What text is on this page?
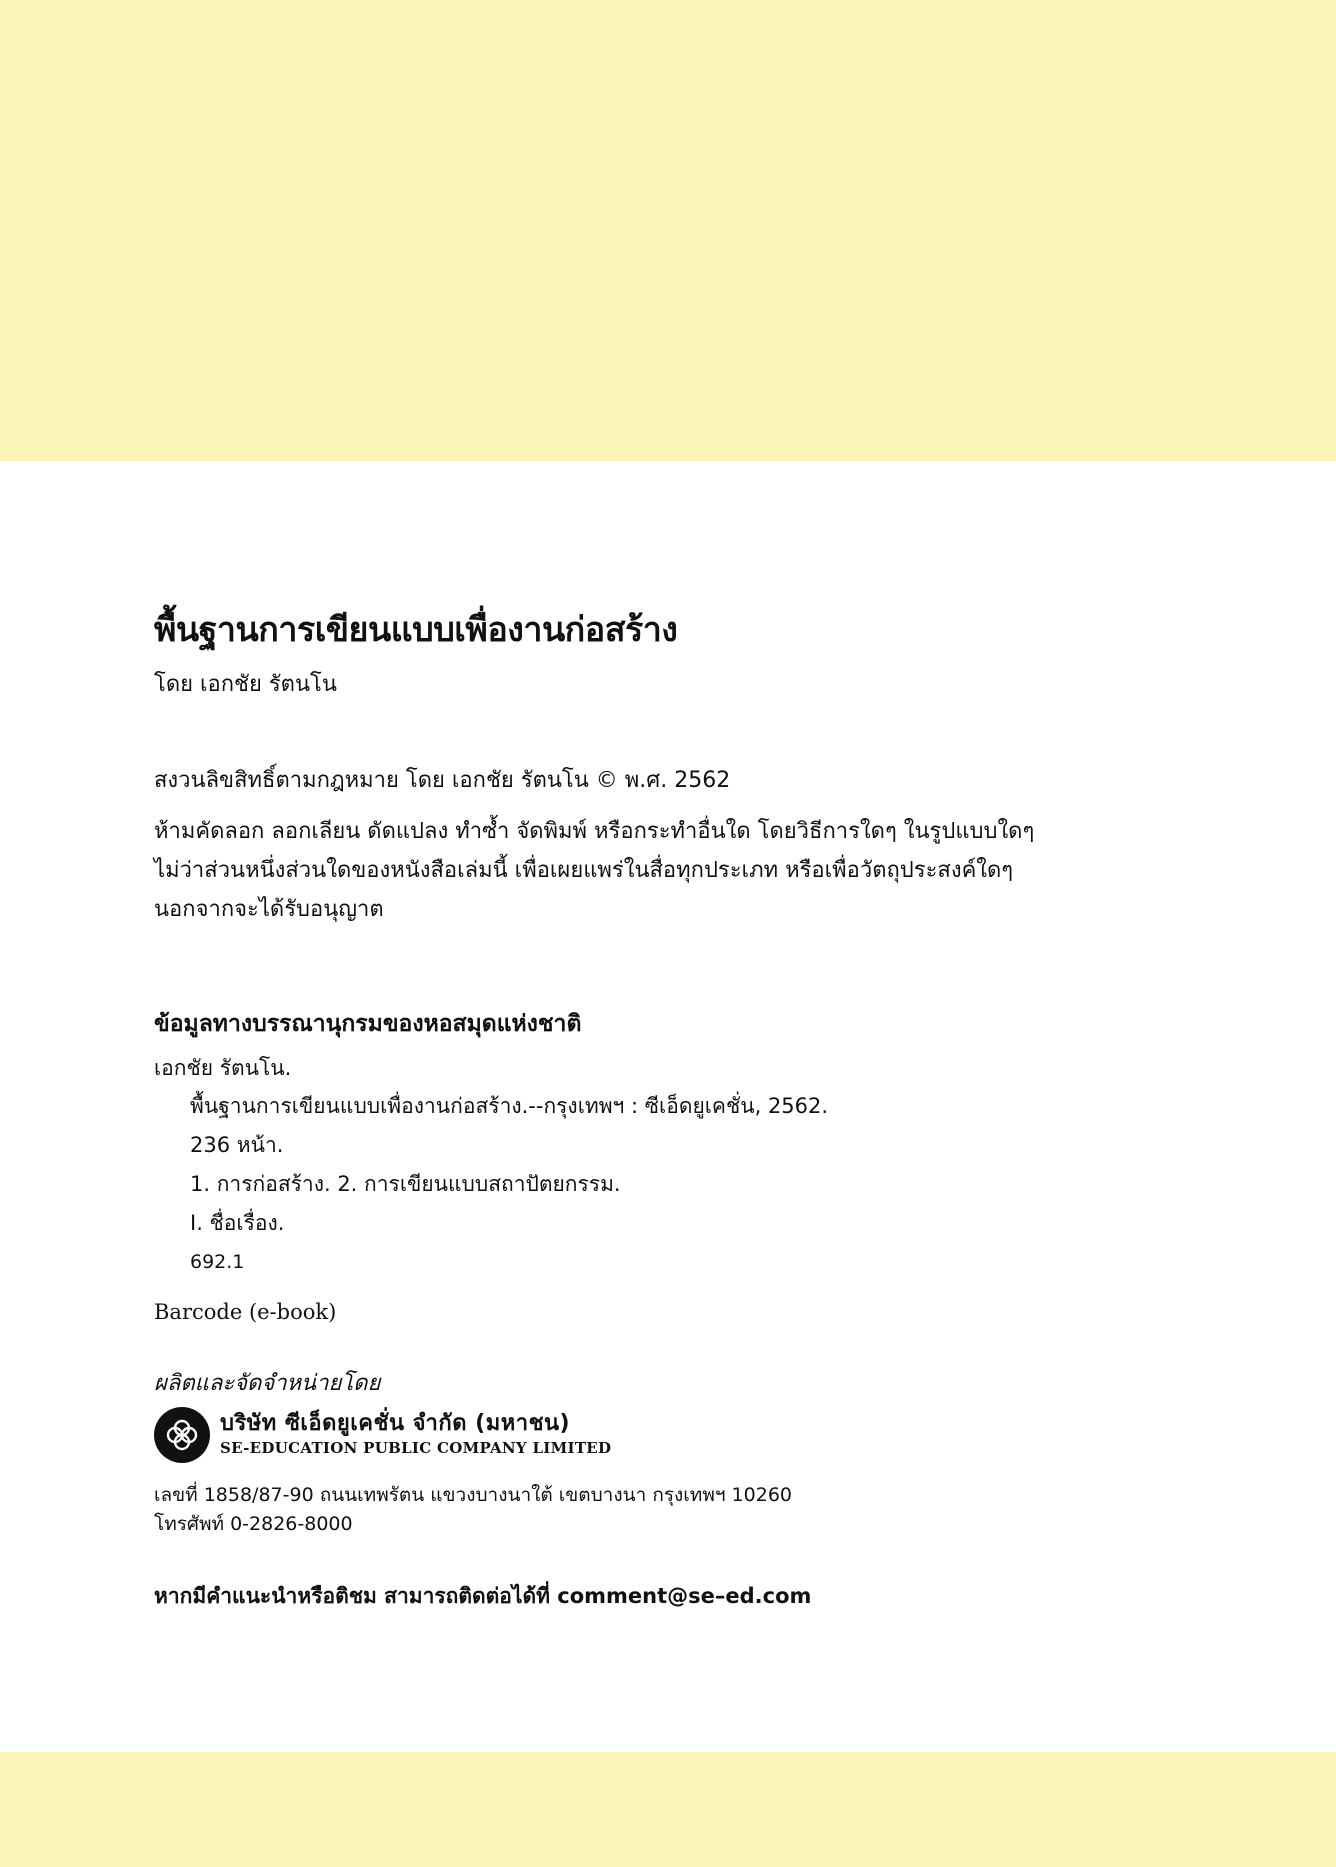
พื้นฐานการเขียนแบบเพื่องานก่อสร้าง
โดย เอกชัย รัตนโน
สงวนลิขสิทธิ์ตามกฎหมาย โดย เอกชัย รัตนโน © พ.ศ. 2562
ห้ามคัดลอก ลอกเลียน ดัดแปลง ทำซ้ำ จัดพิมพ์ หรือกระทำอื่นใด โดยวิธีการใดๆ ในรูปแบบใดๆ
ไม่ว่าส่วนหนึ่งส่วนใดของหนังสือเล่มนี้ เพื่อเผยแพร่ในสื่อทุกประเภท หรือเพื่อวัตถุประสงค์ใดๆ
นอกจากจะได้รับอนุญาต
ข้อมูลทางบรรณานุกรมของหอสมุดแห่งชาติ
เอกชัย รัตนโน.
พื้นฐานการเขียนแบบเพื่องานก่อสร้าง.--กรุงเทพฯ : ซีเอ็ดยูเคชั่น, 2562.
236 หน้า.
1. การก่อสร้าง. 2. การเขียนแบบสถาปัตยกรรม.
I. ชื่อเรื่อง.
692.1
Barcode (e-book)
ผลิตและจัดจำหน่ายโดย
บริษัท ซีเอ็ดยูเคชั่น จำกัด (มหาชน)
SE-EDUCATION PUBLIC COMPANY LIMITED
เลขที่ 1858/87-90 ถนนเทพรัตน แขวงบางนาใต้ เขตบางนา กรุงเทพฯ 10260
โทรศัพท์ 0-2826-8000
หากมีคำแนะนำหรือติชม สามารถติดต่อได้ที่ comment@se–ed.com
